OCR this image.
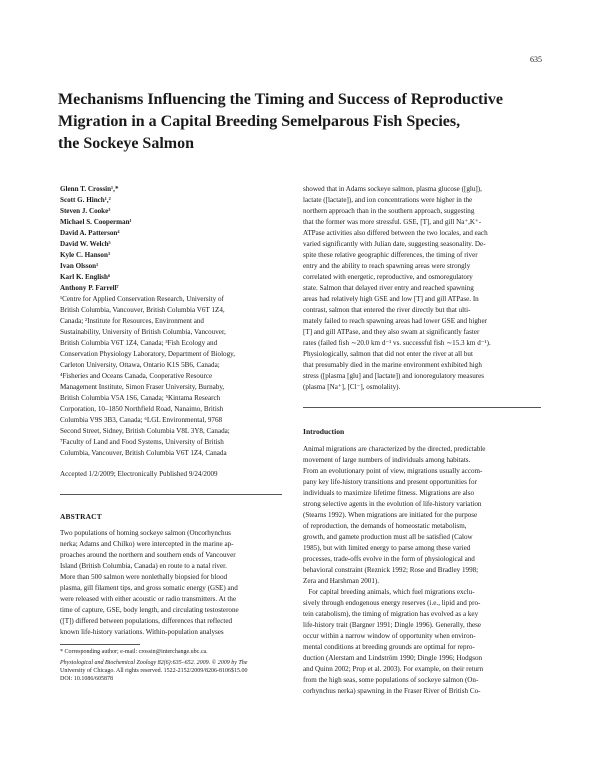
635
Mechanisms Influencing the Timing and Success of Reproductive
Migration in a Capital Breeding Semelparous Fish Species,
the Sockeye Salmon
Glenn T. Crossin¹,*
Scott G. Hinch¹,²
Steven J. Cooke³
Michael S. Cooperman¹
David A. Patterson⁴
David W. Welch⁵
Kyle C. Hanson³
Ivan Olsson¹
Karl K. English⁶
Anthony P. Farrell⁷
¹Centre for Applied Conservation Research, University of
British Columbia, Vancouver, British Columbia V6T 1Z4,
Canada; ²Institute for Resources, Environment and
Sustainability, University of British Columbia, Vancouver,
British Columbia V6T 1Z4, Canada; ³Fish Ecology and
Conservation Physiology Laboratory, Department of Biology,
Carleton University, Ottawa, Ontario K1S 5B6, Canada;
⁴Fisheries and Oceans Canada, Cooperative Resource
Management Institute, Simon Fraser University, Burnaby,
British Columbia V5A 1S6, Canada; ⁵Kintama Research
Corporation, 10–1850 Northfield Road, Nanaimo, British
Columbia V9S 3B3, Canada; ⁶LGL Environmental, 9768
Second Street, Sidney, British Columbia V8L 3Y8, Canada;
⁷Faculty of Land and Food Systems, University of British
Columbia, Vancouver, British Columbia V6T 1Z4, Canada
Accepted 1/2/2009; Electronically Published 9/24/2009
ABSTRACT
Two populations of homing sockeye salmon (Oncorhynchus
nerka; Adams and Chilko) were intercepted in the marine ap-
proaches around the northern and southern ends of Vancouver
Island (British Columbia, Canada) en route to a natal river.
More than 500 salmon were nonlethally biopsied for blood
plasma, gill filament tips, and gross somatic energy (GSE) and
were released with either acoustic or radio transmitters. At the
time of capture, GSE, body length, and circulating testosterone
([T]) differed between populations, differences that reflected
known life-history variations. Within-population analyses
* Corresponding author; e-mail: crossin@interchange.ubc.ca.
Physiological and Biochemical Zoology 82(6):635–652. 2009. © 2009 by The
University of Chicago. All rights reserved. 1522-2152/2009/8206-8106$15.00
DOI: 10.1086/605878
showed that in Adams sockeye salmon, plasma glucose ([glu]),
lactate ([lactate]), and ion concentrations were higher in the
northern approach than in the southern approach, suggesting
that the former was more stressful. GSE, [T], and gill Na⁺,K⁺-
ATPase activities also differed between the two locales, and each
varied significantly with Julian date, suggesting seasonality. De-
spite these relative geographic differences, the timing of river
entry and the ability to reach spawning areas were strongly
correlated with energetic, reproductive, and osmoregulatory
state. Salmon that delayed river entry and reached spawning
areas had relatively high GSE and low [T] and gill ATPase. In
contrast, salmon that entered the river directly but that ulti-
mately failed to reach spawning areas had lower GSE and higher
[T] and gill ATPase, and they also swam at significantly faster
rates (failed fish ∼20.0 km d⁻¹ vs. successful fish ∼15.3 km d⁻¹).
Physiologically, salmon that did not enter the river at all but
that presumably died in the marine environment exhibited high
stress ([plasma [glu] and [lactate]) and ionoregulatory measures
(plasma [Na⁺], [Cl⁻], osmolality).
Introduction
Animal migrations are characterized by the directed, predictable
movement of large numbers of individuals among habitats.
From an evolutionary point of view, migrations usually accom-
pany key life-history transitions and present opportunities for
individuals to maximize lifetime fitness. Migrations are also
strong selective agents in the evolution of life-history variation
(Stearns 1992). When migrations are initiated for the purpose
of reproduction, the demands of homeostatic metabolism,
growth, and gamete production must all be satisfied (Calow
1985), but with limited energy to parse among these varied
processes, trade-offs evolve in the form of physiological and
behavioral constraint (Reznick 1992; Rose and Bradley 1998;
Zera and Harshman 2001).
For capital breeding animals, which fuel migrations exclu-
sively through endogenous energy reserves (i.e., lipid and pro-
tein catabolism), the timing of migration has evolved as a key
life-history trait (Bargner 1991; Dingle 1996). Generally, these
occur within a narrow window of opportunity when environ-
mental conditions at breeding grounds are optimal for repro-
duction (Alerstam and Lindström 1990; Dingle 1996; Hodgson
and Quinn 2002; Prop et al. 2003). For example, on their return
from the high seas, some populations of sockeye salmon (On-
corhynchus nerka) spawning in the Fraser River of British Co-
